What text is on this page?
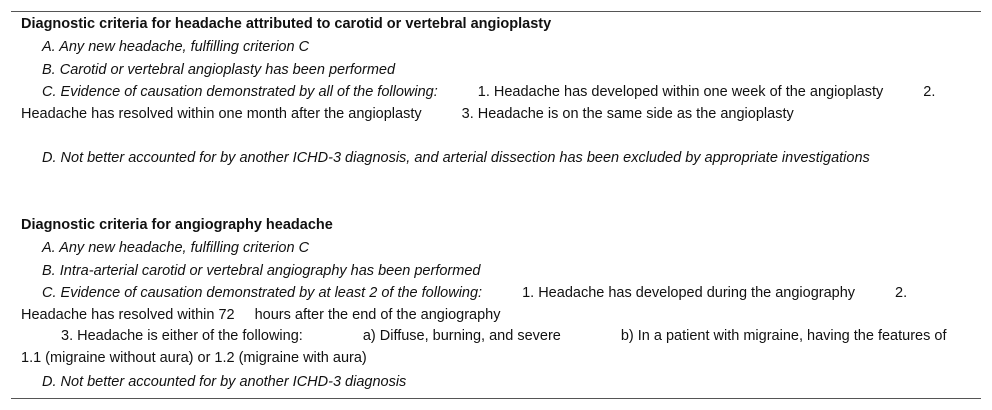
Diagnostic criteria for headache attributed to carotid or vertebral angioplasty
A. Any new headache, fulfilling criterion C
B. Carotid or vertebral angioplasty has been performed
C. Evidence of causation demonstrated by all of the following:	1. Headache has developed within one week of the angioplasty	2. Headache has resolved within one month after the angioplasty	3. Headache is on the same side as the angioplasty
D. Not better accounted for by another ICHD-3 diagnosis, and arterial dissection has been excluded by appropriate investigations
Diagnostic criteria for angiography headache
A. Any new headache, fulfilling criterion C
B. Intra-arterial carotid or vertebral angiography has been performed
C. Evidence of causation demonstrated by at least 2 of the following:	1. Headache has developed during the angiography	2. Headache has resolved within 72 hours after the end of the angiography
3. Headache is either of the following:	a) Diffuse, burning, and severe	b) In a patient with migraine, having the features of 1.1 (migraine without aura) or 1.2 (migraine with aura)
D. Not better accounted for by another ICHD-3 diagnosis
